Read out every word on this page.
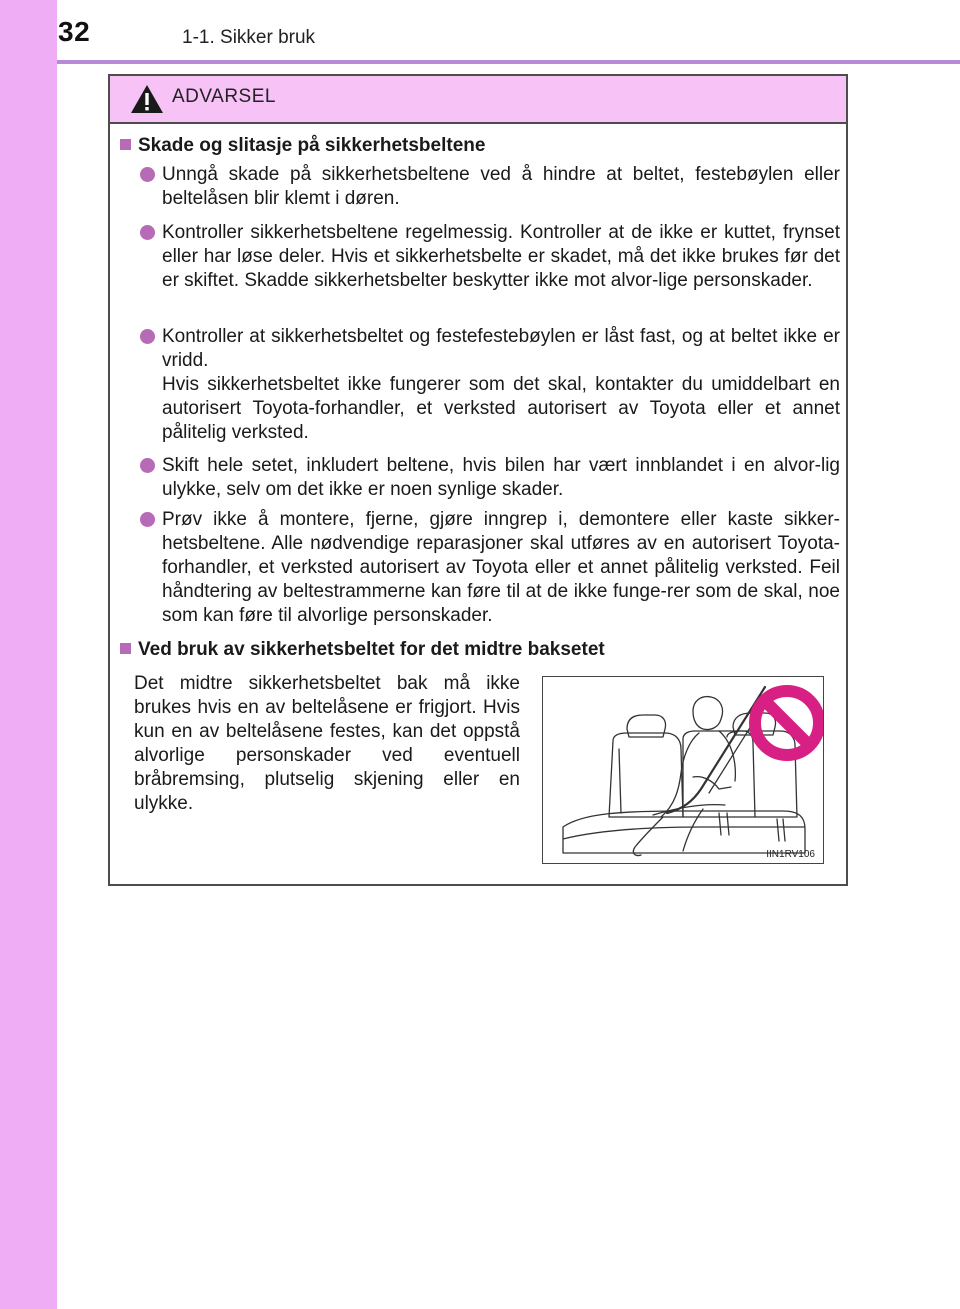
32	1-1. Sikker bruk
ADVARSEL
Skade og slitasje på sikkerhetsbeltene
Unngå skade på sikkerhetsbeltene ved å hindre at beltet, festebøylen eller beltelåsen blir klemt i døren.
Kontroller sikkerhetsbeltene regelmessig. Kontroller at de ikke er kuttet, frynset eller har løse deler. Hvis et sikkerhetsbelte er skadet, må det ikke brukes før det er skiftet. Skadde sikkerhetsbelter beskytter ikke mot alvor-lige personskader.
Kontroller at sikkerhetsbeltet og festefestebøylen er låst fast, og at beltet ikke er vridd.
Hvis sikkerhetsbeltet ikke fungerer som det skal, kontakter du umiddelbart en autorisert Toyota-forhandler, et verksted autorisert av Toyota eller et annet pålitelig verksted.
Skift hele setet, inkludert beltene, hvis bilen har vært innblandet i en alvor-lig ulykke, selv om det ikke er noen synlige skader.
Prøv ikke å montere, fjerne, gjøre inngrep i, demontere eller kaste sikker-hetsbeltene. Alle nødvendige reparasjoner skal utføres av en autorisert Toyota-forhandler, et verksted autorisert av Toyota eller et annet pålitelig verksted. Feil håndtering av beltestrammerne kan føre til at de ikke funge-rer som de skal, noe som kan føre til alvorlige personskader.
Ved bruk av sikkerhetsbeltet for det midtre baksetet
Det midtre sikkerhetsbeltet bak må ikke brukes hvis en av beltelåsene er frigjort. Hvis kun en av beltelåsene festes, kan det oppstå alvorlige personskader ved eventuell bråbremsing, plutselig skjening eller en ulykke.
IIN1RV106
